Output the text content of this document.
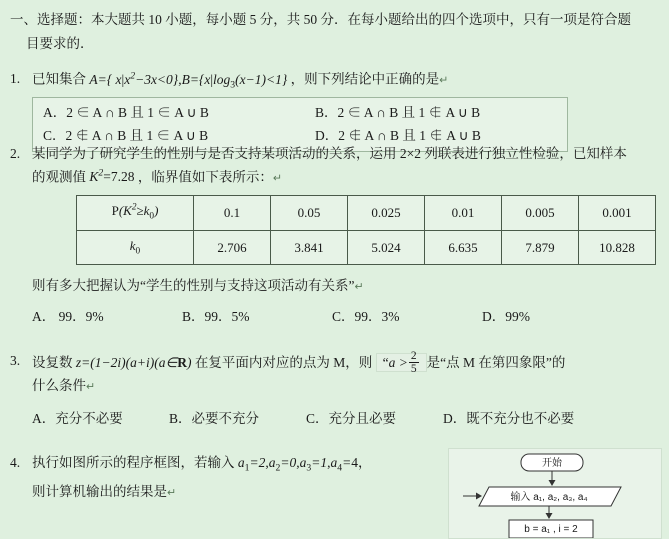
一、选择题：本大题共 10 小题，每小题 5 分，共 50 分．在每小题给出的四个选项中，只有一项是符合题
目要求的．
1. 已知集合 A={ $x|x^2-3x<0\},B=\{x|\log_3(x-1)<1\}$ ，则下列结论中正确的是↵
A．2 ∈ A ∩ B 且 1 ∈ A ∪ B	B．2 ∈ A ∩ B 且 1 ∉ A ∪ B
C．2 ∉ A ∩ B 且 1 ∈ A ∪ B	D．2 ∉ A ∩ B 且 1 ∉ A ∪ B
2. 某同学为了研究学生的性别与是否支持某项活动的关系，运用 2×2 列联表进行独立性检验，已知样本
的观测值 $K^2=7.28$ ，临界值如下表所示：↵
$P(K^2\ge k_0)$	0.1	0.05	0.025	0.01	0.005	0.001
$k_0$	2.706	3.841	5.024	6.635	7.879	10.828
则有多大把握认为“学生的性别与支持这项活动有关系”↵
A． 99．9%	B．99．5%	C．99．3%	D．99%
3. 设复数 z=(1−2i)(a+i)(a∈R) 在复平面内对应的点为 M，则 “$a > \frac{2}{5}$ 是“点 M 在第四象限”的
什么条件↵
A．充分不必要	B．必要不充分	C．充分且必要	D．既不充分也不必要
4. 执行如图所示的程序框图，若输入 $a_1=2,a_2=0,a_3=1,a_4=4$，
则计算机输出的结果是↵
开始
输入 a₁, a₂, a₃, a₄
b = a₁ , i = 2
